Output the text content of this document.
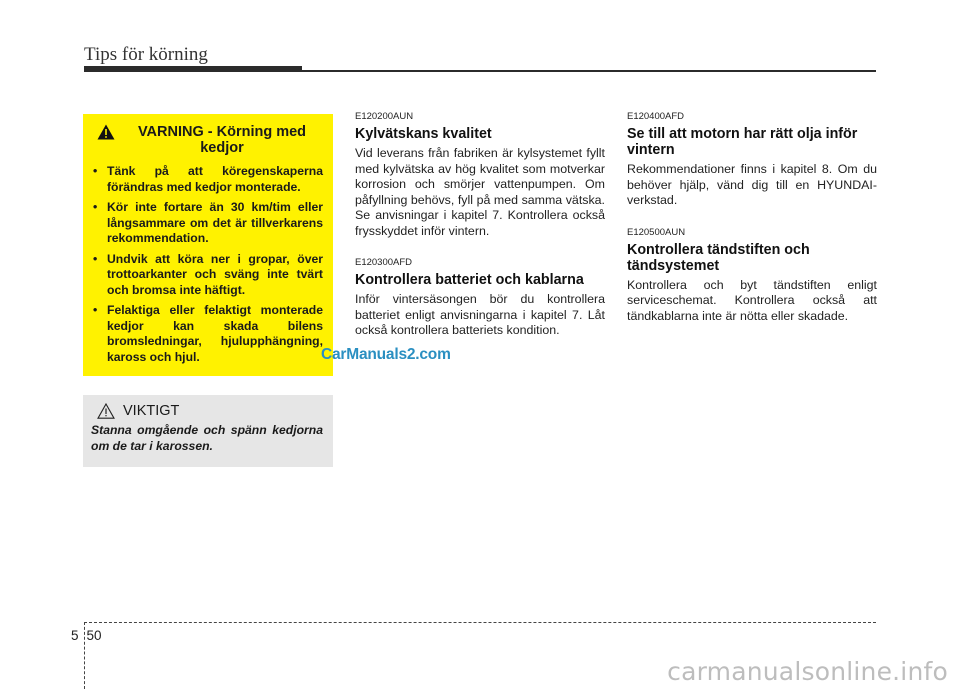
Tips för körning
VARNING - Körning med kedjor
• Tänk på att köregenskaperna förändras med kedjor monterade.
• Kör inte fortare än 30 km/tim eller långsammare om det är tillverkarens rekommendation.
• Undvik att köra ner i gropar, över trottoarkanter och sväng inte tvärt och bromsa inte häftigt.
• Felaktiga eller felaktigt monterade kedjor kan skada bilens bromsledningar, hjulupphängning, kaross och hjul.
VIKTIGT
Stanna omgående och spänn kedjorna om de tar i karossen.

E120200AUN

Kylvätskans kvalitet

Vid leverans från fabriken är kylsystemet fyllt med kylvätska av hög kvalitet som motverkar korrosion och smörjer vattenpumpen. Om påfyllning behövs, fyll på med samma vätska. Se anvisningar i kapitel 7. Kontrollera också frysskyddet inför vintern.

E120300AFD

Kontrollera batteriet och kablarna

Inför vintersäsongen bör du kontrollera batteriet enligt anvisningarna i kapitel 7. Låt också kontrollera batteriets kondition.

E120400AFD

Se till att motorn har rätt olja inför vintern

Rekommendationer finns i kapitel 8. Om du behöver hjälp, vänd dig till en HYUNDAI-verkstad.

E120500AUN

Kontrollera tändstiften och tändsystemet

Kontrollera och byt tändstiften enligt serviceschemat. Kontrollera också att tändkablarna inte är nötta eller skadade.

CarManuals2.com
5 50
carmanualsonline.info
